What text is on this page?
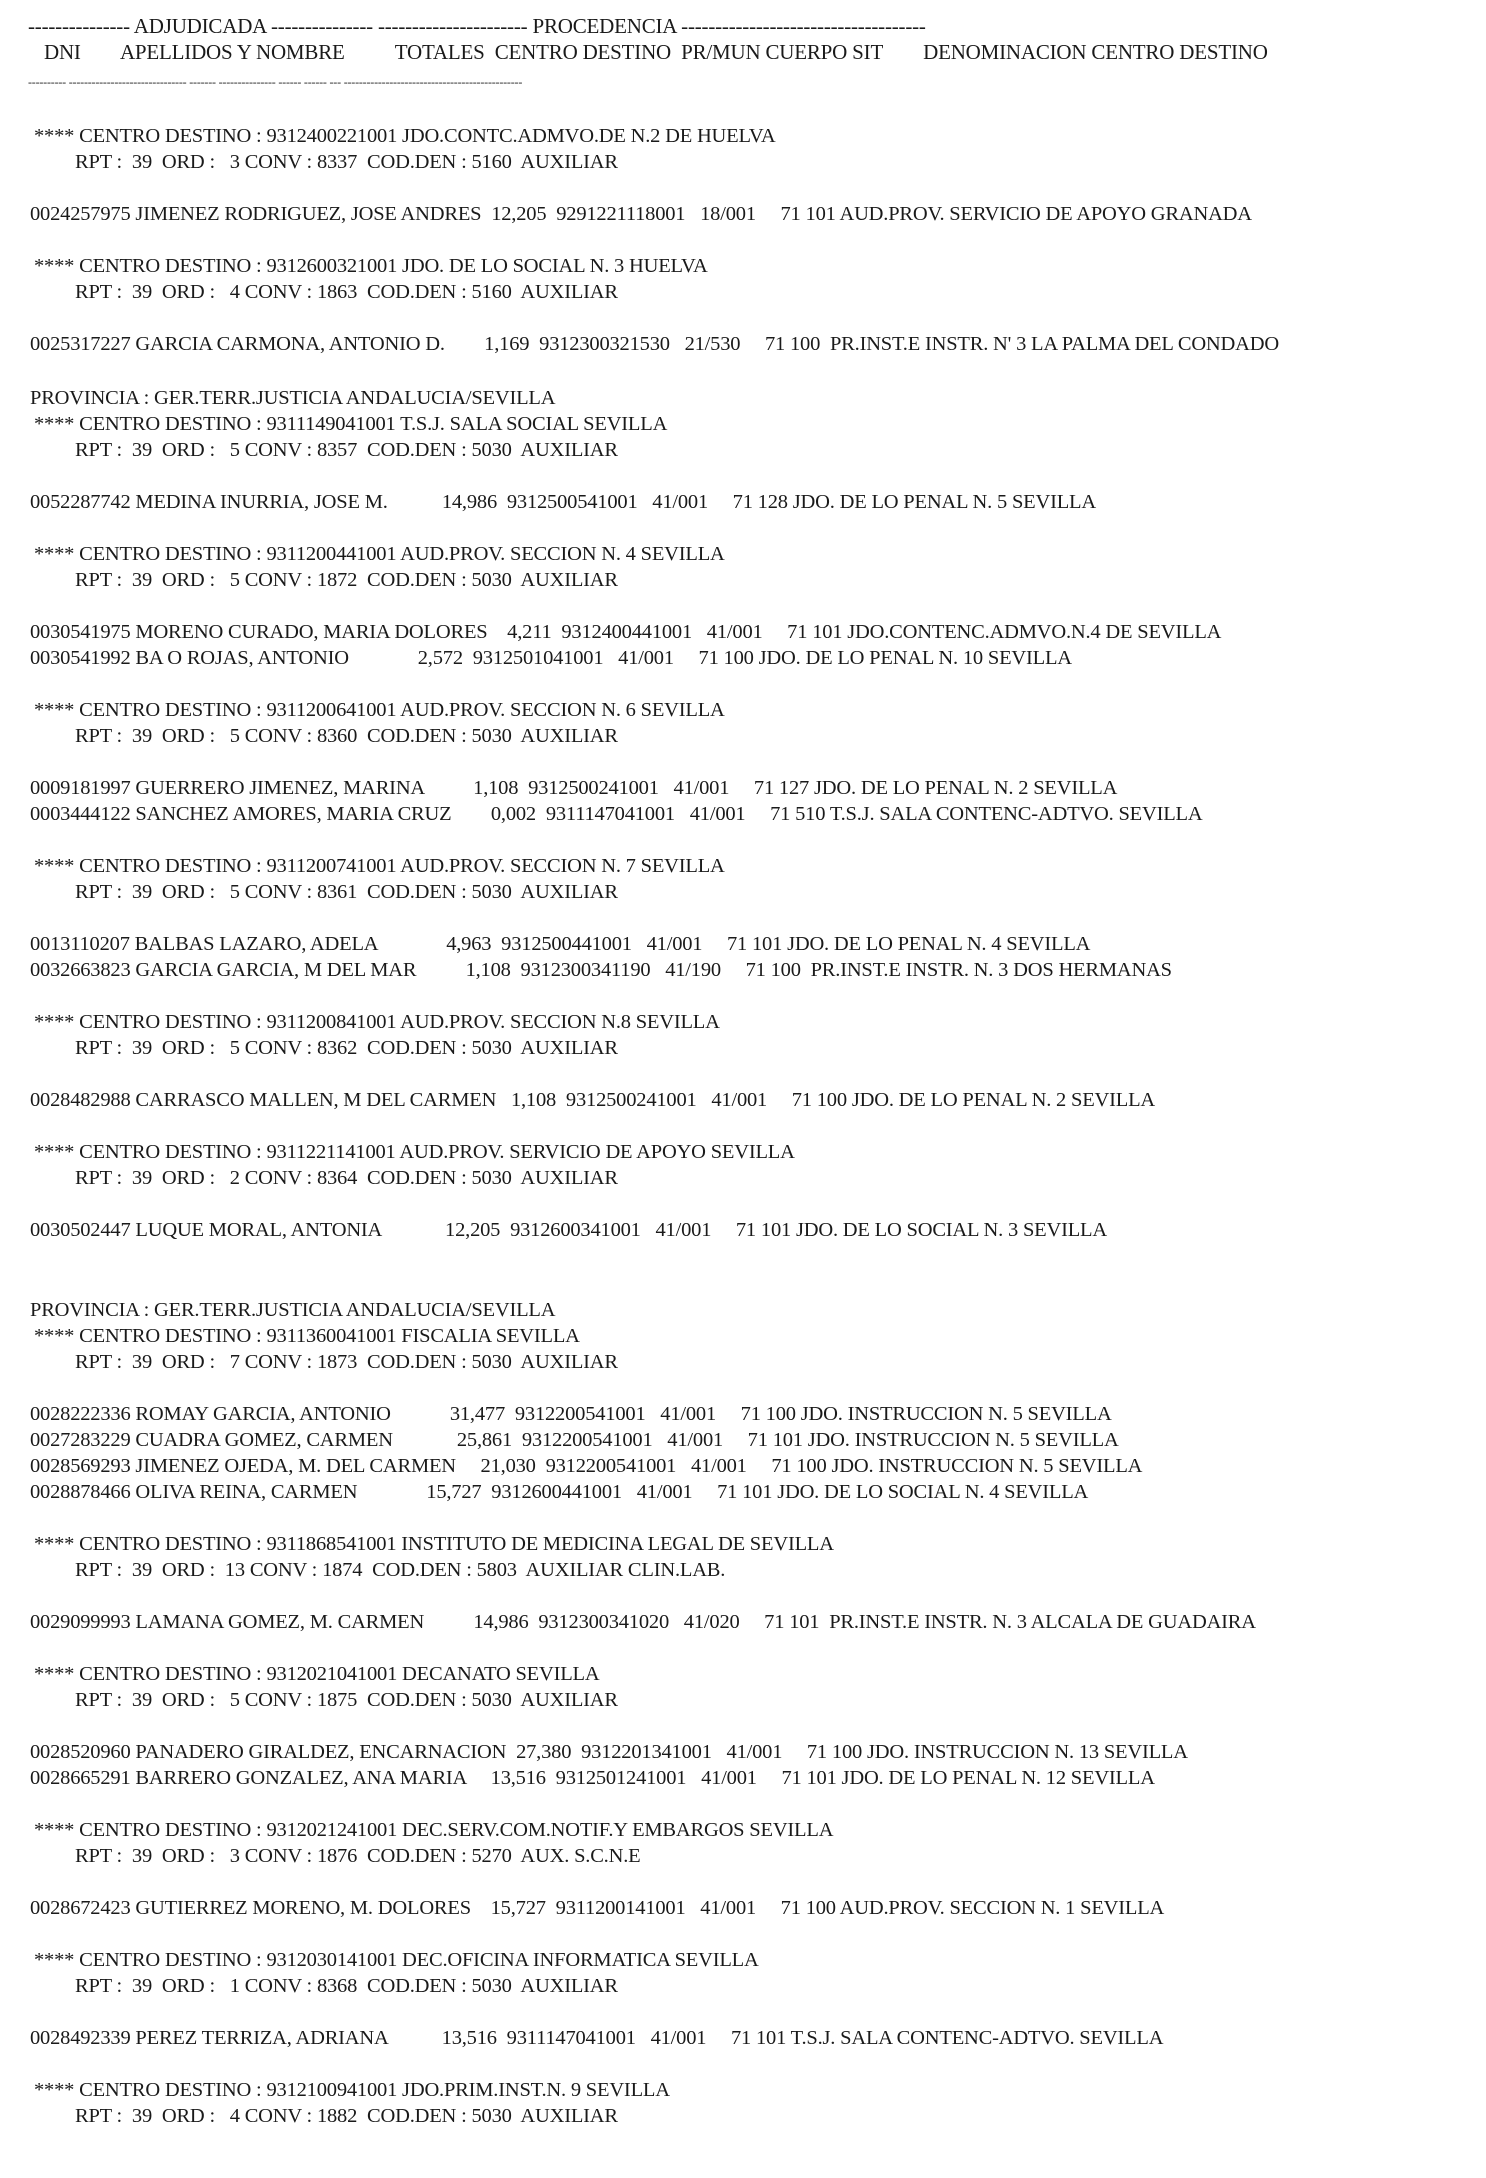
--------------- ADJUDICADA --------------- ---------------------- PROCEDENCIA ------------------------------------
DNI        APELLIDOS Y NOMBRE          TOTALES  CENTRO DESTINO  PR/MUN CUERPO SIT        DENOMINACION CENTRO DESTINO
---------- ------------------------------- ------- --------------- ------ ------ --- -----------------------------------------------
**** CENTRO DESTINO : 9312400221001 JDO.CONTC.ADMVO.DE N.2 DE HUELVA
RPT :  39  ORD :   3 CONV : 8337  COD.DEN : 5160  AUXILIAR
0024257975 JIMENEZ RODRIGUEZ, JOSE ANDRES  12,205  9291221118001   18/001     71 101 AUD.PROV. SERVICIO DE APOYO GRANADA
**** CENTRO DESTINO : 9312600321001 JDO. DE LO SOCIAL N. 3 HUELVA
RPT :  39  ORD :   4 CONV : 1863  COD.DEN : 5160  AUXILIAR
0025317227 GARCIA CARMONA, ANTONIO D.        1,169  9312300321530   21/530     71 100  PR.INST.E INSTR. N' 3 LA PALMA DEL CONDADO
PROVINCIA : GER.TERR.JUSTICIA ANDALUCIA/SEVILLA
**** CENTRO DESTINO : 9311149041001 T.S.J. SALA SOCIAL SEVILLA
RPT :  39  ORD :   5 CONV : 8357  COD.DEN : 5030  AUXILIAR
0052287742 MEDINA INURRIA, JOSE M.           14,986  9312500541001   41/001     71 128 JDO. DE LO PENAL N. 5 SEVILLA
**** CENTRO DESTINO : 9311200441001 AUD.PROV. SECCION N. 4 SEVILLA
RPT :  39  ORD :   5 CONV : 1872  COD.DEN : 5030  AUXILIAR
0030541975 MORENO CURADO, MARIA DOLORES    4,211  9312400441001   41/001     71 101 JDO.CONTENC.ADMVO.N.4 DE SEVILLA
0030541992 BA O ROJAS, ANTONIO              2,572  9312501041001   41/001     71 100 JDO. DE LO PENAL N. 10 SEVILLA
**** CENTRO DESTINO : 9311200641001 AUD.PROV. SECCION N. 6 SEVILLA
RPT :  39  ORD :   5 CONV : 8360  COD.DEN : 5030  AUXILIAR
0009181997 GUERRERO JIMENEZ, MARINA          1,108  9312500241001   41/001     71 127 JDO. DE LO PENAL N. 2 SEVILLA
0003444122 SANCHEZ AMORES, MARIA CRUZ        0,002  9311147041001   41/001     71 510 T.S.J. SALA CONTENC-ADTVO. SEVILLA
**** CENTRO DESTINO : 9311200741001 AUD.PROV. SECCION N. 7 SEVILLA
RPT :  39  ORD :   5 CONV : 8361  COD.DEN : 5030  AUXILIAR
0013110207 BALBAS LAZARO, ADELA              4,963  9312500441001   41/001     71 101 JDO. DE LO PENAL N. 4 SEVILLA
0032663823 GARCIA GARCIA, M DEL MAR          1,108  9312300341190   41/190     71 100  PR.INST.E INSTR. N. 3 DOS HERMANAS
**** CENTRO DESTINO : 9311200841001 AUD.PROV. SECCION N.8 SEVILLA
RPT :  39  ORD :   5 CONV : 8362  COD.DEN : 5030  AUXILIAR
0028482988 CARRASCO MALLEN, M DEL CARMEN   1,108  9312500241001   41/001     71 100 JDO. DE LO PENAL N. 2 SEVILLA
**** CENTRO DESTINO : 9311221141001 AUD.PROV. SERVICIO DE APOYO SEVILLA
RPT :  39  ORD :   2 CONV : 8364  COD.DEN : 5030  AUXILIAR
0030502447 LUQUE MORAL, ANTONIA             12,205  9312600341001   41/001     71 101 JDO. DE LO SOCIAL N. 3 SEVILLA
PROVINCIA : GER.TERR.JUSTICIA ANDALUCIA/SEVILLA
**** CENTRO DESTINO : 9311360041001 FISCALIA SEVILLA
RPT :  39  ORD :   7 CONV : 1873  COD.DEN : 5030  AUXILIAR
0028222336 ROMAY GARCIA, ANTONIO            31,477  9312200541001   41/001     71 100 JDO. INSTRUCCION N. 5 SEVILLA
0027283229 CUADRA GOMEZ, CARMEN             25,861  9312200541001   41/001     71 101 JDO. INSTRUCCION N. 5 SEVILLA
0028569293 JIMENEZ OJEDA, M. DEL CARMEN     21,030  9312200541001   41/001     71 100 JDO. INSTRUCCION N. 5 SEVILLA
0028878466 OLIVA REINA, CARMEN              15,727  9312600441001   41/001     71 101 JDO. DE LO SOCIAL N. 4 SEVILLA
**** CENTRO DESTINO : 9311868541001 INSTITUTO DE MEDICINA LEGAL DE SEVILLA
RPT :  39  ORD :  13 CONV : 1874  COD.DEN : 5803  AUXILIAR CLIN.LAB.
0029099993 LAMANA GOMEZ, M. CARMEN          14,986  9312300341020   41/020     71 101  PR.INST.E INSTR. N. 3 ALCALA DE GUADAIRA
**** CENTRO DESTINO : 9312021041001 DECANATO SEVILLA
RPT :  39  ORD :   5 CONV : 1875  COD.DEN : 5030  AUXILIAR
0028520960 PANADERO GIRALDEZ, ENCARNACION  27,380  9312201341001   41/001     71 100 JDO. INSTRUCCION N. 13 SEVILLA
0028665291 BARRERO GONZALEZ, ANA MARIA     13,516  9312501241001   41/001     71 101 JDO. DE LO PENAL N. 12 SEVILLA
**** CENTRO DESTINO : 9312021241001 DEC.SERV.COM.NOTIF.Y EMBARGOS SEVILLA
RPT :  39  ORD :   3 CONV : 1876  COD.DEN : 5270  AUX. S.C.N.E
0028672423 GUTIERREZ MORENO, M. DOLORES    15,727  9311200141001   41/001     71 100 AUD.PROV. SECCION N. 1 SEVILLA
**** CENTRO DESTINO : 9312030141001 DEC.OFICINA INFORMATICA SEVILLA
RPT :  39  ORD :   1 CONV : 8368  COD.DEN : 5030  AUXILIAR
0028492339 PEREZ TERRIZA, ADRIANA           13,516  9311147041001   41/001     71 101 T.S.J. SALA CONTENC-ADTVO. SEVILLA
**** CENTRO DESTINO : 9312100941001 JDO.PRIM.INST.N. 9 SEVILLA
RPT :  39  ORD :   4 CONV : 1882  COD.DEN : 5030  AUXILIAR
